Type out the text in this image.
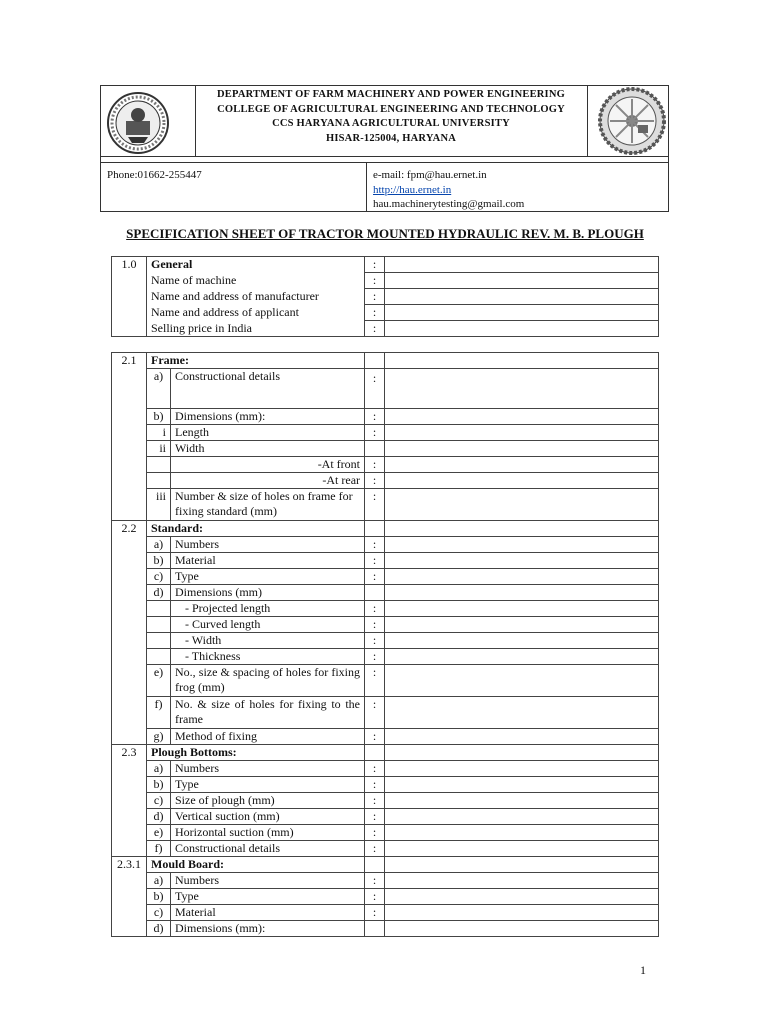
DEPARTMENT OF FARM MACHINERY AND POWER ENGINEERING
COLLEGE OF AGRICULTURAL ENGINEERING AND TECHNOLOGY
CCS HARYANA AGRICULTURAL UNIVERSITY
HISAR-125004, HARYANA
Phone:01662-255447	e-mail: fpm@hau.ernet.in
http://hau.ernet.in
hau.machinerytesting@gmail.com
SPECIFICATION SHEET OF TRACTOR MOUNTED HYDRAULIC REV. M. B. PLOUGH
1.0	General	:	
	Name of machine	:	
	Name and address of manufacturer	:	
	Name and address of applicant	:	
	Selling price in India	:	
2.1	Frame:			
	a)	Constructional details	:	
	b)	Dimensions (mm):	:	
	i	Length	:	
	ii	Width		
		-At front	:	
		-At rear	:	
	iii	Number & size of holes on frame for fixing standard (mm)	:	
2.2	Standard:			
	a)	Numbers	:	
	b)	Material	:	
	c)	Type	:	
	d)	Dimensions (mm)		
		- Projected length	:	
		- Curved length	:	
		- Width	:	
		- Thickness	:	
	e)	No., size & spacing of holes for fixing frog (mm)	:	
	f)	No. & size of holes for fixing to the frame	:	
	g)	Method of fixing	:	
2.3	Plough Bottoms:			
	a)	Numbers	:	
	b)	Type	:	
	c)	Size of plough (mm)	:	
	d)	Vertical suction (mm)	:	
	e)	Horizontal suction (mm)	:	
	f)	Constructional details	:	
2.3.1	Mould Board:			
	a)	Numbers	:	
	b)	Type	:	
	c)	Material	:	
	d)	Dimensions (mm):		
1
